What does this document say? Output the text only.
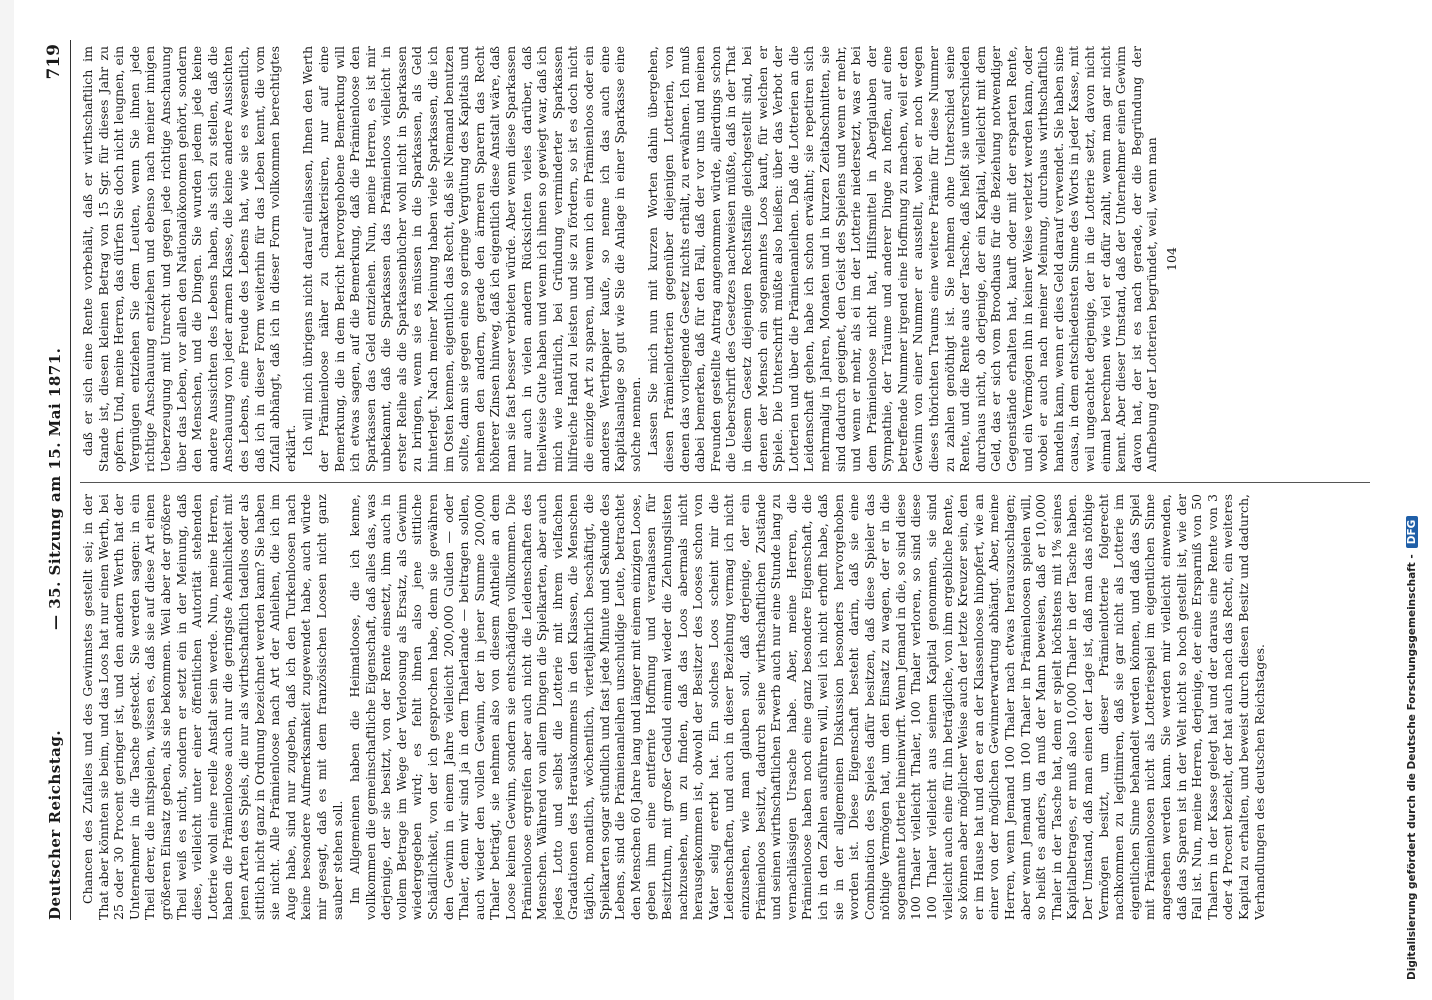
Deutscher Reichstag.
— 35. Sitzung am 15. Mai 1871.
719

Chancen des Zufalles und des Gewinnstes gestellt sei; in der That aber könnten sie beim, und das Loos hat nur einen Werth, bei 25 oder 30 Procent geringer ist, und den andern Werth hat der Unternehmer in die Tasche gesteckt. Sie werden sagen: in ein Theil derer, die mitspielen, wissen es, daß sie auf diese Art einen größeren Einsatz geben, als sie bekommen. Weil aber der größere Theil weiß es nicht, sondern er setzt ein in der Meinung, daß diese, vielleicht unter einer öffentlichen Autorität stehenden Lotterie wohl eine reelle Anstalt sein werde. Nun, meine Herren, haben die Prämienloose auch nur die geringste Aehnlichkeit mit jenen Arten des Spiels, die nur als wirthschaftlich tadellos oder als sittlich nicht ganz in Ordnung bezeichnet werden kann? Sie haben sie nicht. Alle Prämienloose nach Art der Anleihen, die ich im Auge habe, sind nur zugeben, daß ich den Turkenloosen nach keine besondere Aufmerksamkeit zugewendet habe, auch würde mir gesagt, daß es mit dem französischen Loosen nicht ganz sauber stehen soll. Im Allgemeinen haben die Heimatloose, die ich kenne, vollkommen die gemeinschaftliche Eigenschaft, daß alles das, was derjenige, der sie besitzt, von der Rente einsetzt, ihm auch in vollem Betrage im Wege der Verloosung als Ersatz, als Gewinn wiedergegeben wird; es fehlt ihnen also jene sittliche Schädlichkeit, von der ich gesprochen habe, denn sie gewähren den Gewinn in einem Jahre vielleicht 200,000 Gulden — oder Thaler, denn wir sind ja in dem Thalerlande — beitragen sollen, auch wieder den vollen Gewinn, der in jener Summe 200,000 Thaler beträgt, sie nehmen also von diesem Antheile an dem Loose keinen Gewinn, sondern sie entschädigen vollkommen. Die Prämienloose ergreifen aber auch nicht die Leidenschaften des Menschen. Während von allem Dingen die Spielkarten, aber auch jedes Lotto und selbst die Lotterie mit ihrem vielfachen Gradationen des Herauskommens in den Klassen, die Menschen täglich, monatlich, wöchentlich, vierteljährlich beschäftigt, die Spielkarten sogar stündlich und fast jede Minute und Sekunde des Lebens, sind die Prämienanleihen unschuldige Leute, betrachtet den Menschen 60 Jahre lang und länger mit einem einzigen Loose, geben ihm eine entfernte Hoffnung und veranlassen für Besitzthum, mit großer Geduld einmal wieder die Ziehungslisten nachzusehen, um zu finden, daß das Loos abermals nicht herausgekommen ist, obwohl der Besitzer des Looses schon von Vater selig ererbt hat. Ein solches Loos scheint mir die Leidenschaften, und auch in dieser Beziehung vermag ich nicht einzusehen, wie man glauben soll, daß derjenige, der ein Prämienloos besitzt, dadurch seine wirthschaftlichen Zustände und seinen wirthschaftlichen Erwerb auch nur eine Stunde lang zu vernachlässigen Ursache habe. Aber, meine Herren, die Prämienloose haben noch eine ganz besondere Eigenschaft, die ich in den Zahlen ausführen will, weil ich nicht erhofft habe, daß sie in der allgemeinen Diskussion besonders hervorgehoben worden ist. Diese Eigenschaft besteht darin, daß sie eine Combination des Spieles dafür besitzen, daß diese Spieler das nöthige Vermögen hat, um den Einsatz zu wagen, der er in die sogenannte Lotterie hineinwirft. Wenn Jemand in die, so sind diese 100 Thaler vielleicht Thaler, 100 Thaler verloren, so sind diese 100 Thaler vielleicht aus seinem Kapital genommen, sie sind vielleicht auch eine für ihn beträgliche, von ihm ergebliche Rente, so können aber möglicher Weise auch der letzte Kreuzer sein, den er im Hause hat und den er an der Klassenloose hinopfert, wie an einer von der möglichen Gewinnerwartung abhängt. Aber, meine Herren, wenn Jemand 100 Thaler nach etwas herauszuschlagen; aber wenn Jemand um 100 Thaler in Prämienloosen spielen will, so heißt es anders, da muß der Mann beweisen, daß er 10,000 Thaler in der Tasche hat, denn er spielt höchstens mit 1% seines Kapitalbetrages, er muß also 10,000 Thaler in der Tasche haben. Der Umstand, daß man einen der Lage ist, daß man das nöthige Vermögen besitzt, um dieser Prämienlotterie folgerecht nachkommen zu legitimiren, daß sie gar nicht als Lotterie im eigentlichen Sinne behandelt werden können, und daß das Spiel mit Prämienloosen nicht als Lotteriespiel im eigentlichen Sinne angesehen werden kann. Sie werden mir vielleicht einwenden, daß das Sparen ist in der Welt nicht so hoch gestellt ist, wie der Fall ist. Nun, meine Herren, derjenige, der eine Ersparniß von 50 Thalern in der Kasse gelegt hat und der daraus eine Rente von 3 oder 4 Procent bezieht, der hat auch nach das Recht, ein weiteres Kapital zu erhalten, und beweist durch diesen Besitz und dadurch, Verhandlungen des deutschen Reichstages.

daß er sich eine Rente vorbehält, daß er wirthschaftlich im Stande ist, diesen kleinen Betrag von 15 Sgr. für dieses Jahr zu opfern. Und, meine Herren, das dürfen Sie doch nicht leugnen, ein Vergnügen entziehen Sie dem Leuten, wenn Sie ihnen jede richtige Anschauung entziehen und ebenso nach meiner innigen Ueberzeugung mit Unrecht und gegen jede richtige Anschauung über das Leben, vor allen den Nationalökonomen gehört, sondern den Menschen, und die Dingen. Sie wurden jedem jede keine andere Aussichten des Lebens haben, als sich zu stellen, daß die Anschauung von jeder armen Klasse, die keine andere Aussichten des Lebens, eine Freude des Lebens hat, wie sie es wesentlich, daß ich in dieser Form weiterhin für das Leben kennt, die vom Zufall abhängt, daß ich in dieser Form vollkommen berechtigtes erklärt. Ich will mich übrigens nicht darauf einlassen, Ihnen den Werth der Prämienloose näher zu charakterisiren, nur auf eine Bemerkung, die in dem Bericht hervorgehobene Bemerkung will ich etwas sagen, auf die Bemerkung, daß die Prämienloose den Sparkassen das Geld entziehen. Nun, meine Herren, es ist mir unbekannt, daß die Sparkassen das Prämienloos vielleicht in erster Reihe als die Sparkassenbücher wohl nicht in Sparkassen zu bringen, wenn sie es müssen in die Sparkassen, als Geld hinterlegt. Nach meiner Meinung haben viele Sparkassen, die ich im Osten kennen, eigentlich das Recht, daß sie Niemand benutzen sollte, dann sie gegen eine so geringe Vergütung des Kapitals und nehmen den andern, gerade den ärmeren Sparern das Recht höherer Zinsen hinweg, daß ich eigentlich diese Anstalt wäre, daß man sie fast besser verbieten würde. Aber wenn diese Sparkassen nur auch in vielen andern Rücksichten vieles darüber, daß theilweise Gute haben und wenn ich ihnen so gewiegt war, daß ich mich wie natürlich, bei Gründung verminderter Sparkassen hilfreiche Hand zu leisten und sie zu fördern, so ist es doch nicht die einzige Art zu sparen, und wenn ich ein Prämienloos oder ein anderes Werthpapier kaufe, so nenne ich das auch eine Kapitalsanlage so gut wie Sie die Anlage in einer Sparkasse eine solche nennen. Lassen Sie mich nun mit kurzen Worten dahin übergehen, diesen Prämienlotterien gegenüber diejenigen Lotterien, von denen das vorliegende Gesetz nichts erhält, zu erwähnen. Ich muß dabei bemerken, daß für den Fall, daß der vor uns und meinen Freunden gestellte Antrag angenommen würde, allerdings schon die Ueberschrift des Gesetzes nachweisen müßte, daß in der That in diesem Gesetz diejenigen Rechtsfälle gleichgestellt sind, bei denen der Mensch ein sogenanntes Loos kauft, für welchen er Spiele. Die Unterschrift müßte also heißen: über das Verbot der Lotterien und über die Prämienanleihen. Daß die Lotterien an die Leidenschaft gehen, habe ich schon erwähnt; sie repetiren sich mehrmalig in Jahren, Monaten und in kurzen Zeitabschnitten, sie sind dadurch geeignet, den Geist des Spielens und wenn er mehr, und wenn er mehr, als ei im der Lotterie niedersetzt, was er bei dem Prämienloose nicht hat, Hilfsmittel in Aberglauben der Sympathie, der Träume und anderer Dinge zu hoffen, auf eine betreffende Nummer irgend eine Hoffnung zu machen, weil er den Gewinn von einer Nummer er ausstellt, wobei er noch wegen dieses thörichten Traums eine weitere Prämie für diese Nummer zu zahlen genöthigt ist. Sie nehmen ohne Unterschied seine Rente, und die Rente aus der Tasche, daß heißt sie unterschieden durchaus nicht, ob derjenige, der ein Kapital, vielleicht mit dem Geld, das er sich vom Broodhaus für die Beziehung notwendiger Gegenstände erhalten hat, kauft oder mit der ersparten Rente, und ein Vermögen ihn in keiner Weise verletzt werden kann, oder wobei er auch nach meiner Meinung, durchaus wirthschaftlich handeln kann, wenn er dies Geld darauf verwendet. Sie haben sine causa, in dem entschiedensten Sinne des Worts in jeder Kasse, mit weil ungeachtet derjenige, der in die Lotterie setzt, davon nicht einmal berechnen wie viel er dafür zahlt, wenn man gar nicht kennt. Aber dieser Umstand, daß der Unternehmer einen Gewinn davon hat, der ist es nach gerade, der die Begründung der Aufhebung der Lotterien begründet, weil, wenn man 104
Digitalisierung gefördert durch die Deutsche Forschungsgemeinschaft -DFG
